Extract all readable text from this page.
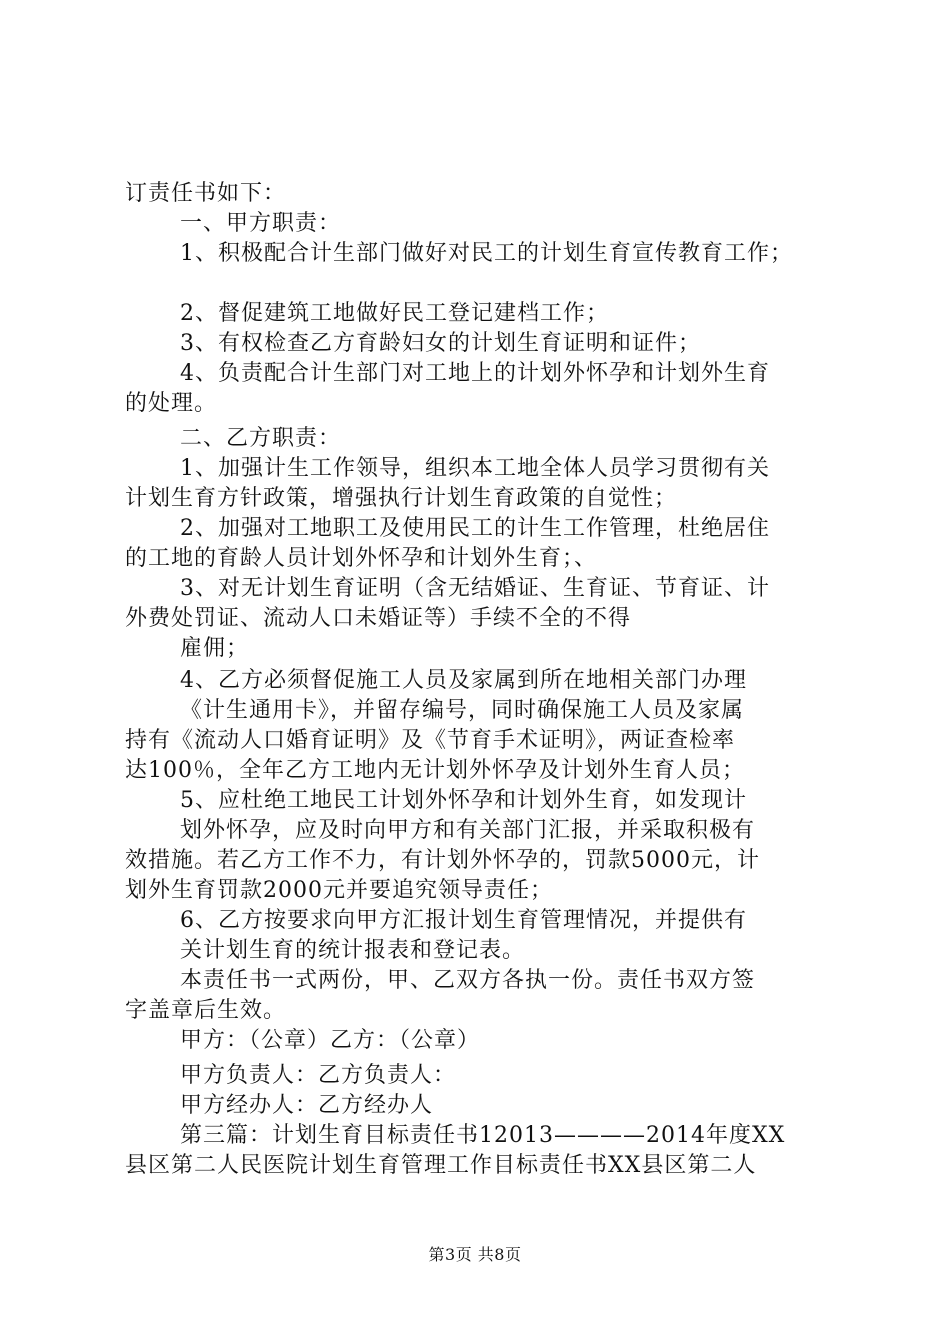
订责任书如下：
一、甲方职责：
1、积极配合计生部门做好对民工的计划生育宣传教育工作；
2、督促建筑工地做好民工登记建档工作；
3、有权检查乙方育龄妇女的计划生育证明和证件；
4、负责配合计生部门对工地上的计划外怀孕和计划外生育
的处理。
二、乙方职责：
1、加强计生工作领导，组织本工地全体人员学习贯彻有关
计划生育方针政策，增强执行计划生育政策的自觉性；
2、加强对工地职工及使用民工的计生工作管理，杜绝居住
的工地的育龄人员计划外怀孕和计划外生育；、
3、对无计划生育证明（含无结婚证、生育证、节育证、计
外费处罚证、流动人口未婚证等）手续不全的不得
雇佣；
4、乙方必须督促施工人员及家属到所在地相关部门办理
《计生通用卡》，并留存编号，同时确保施工人员及家属
持有《流动人口婚育证明》及《节育手术证明》，两证查检率
达100％，全年乙方工地内无计划外怀孕及计划外生育人员；
5、应杜绝工地民工计划外怀孕和计划外生育，如发现计
划外怀孕，应及时向甲方和有关部门汇报，并采取积极有
效措施。若乙方工作不力，有计划外怀孕的，罚款5000元，计
划外生育罚款2000元并要追究领导责任；
6、乙方按要求向甲方汇报计划生育管理情况，并提供有
关计划生育的统计报表和登记表。
本责任书一式两份，甲、乙双方各执一份。责任书双方签
字盖章后生效。
甲方：（公章）乙方：（公章）
甲方负责人：乙方负责人：
甲方经办人：乙方经办人
第三篇：计划生育目标责任书12013————2014年度XX
县区第二人民医院计划生育管理工作目标责任书XX县区第二人
第3页 共8页
